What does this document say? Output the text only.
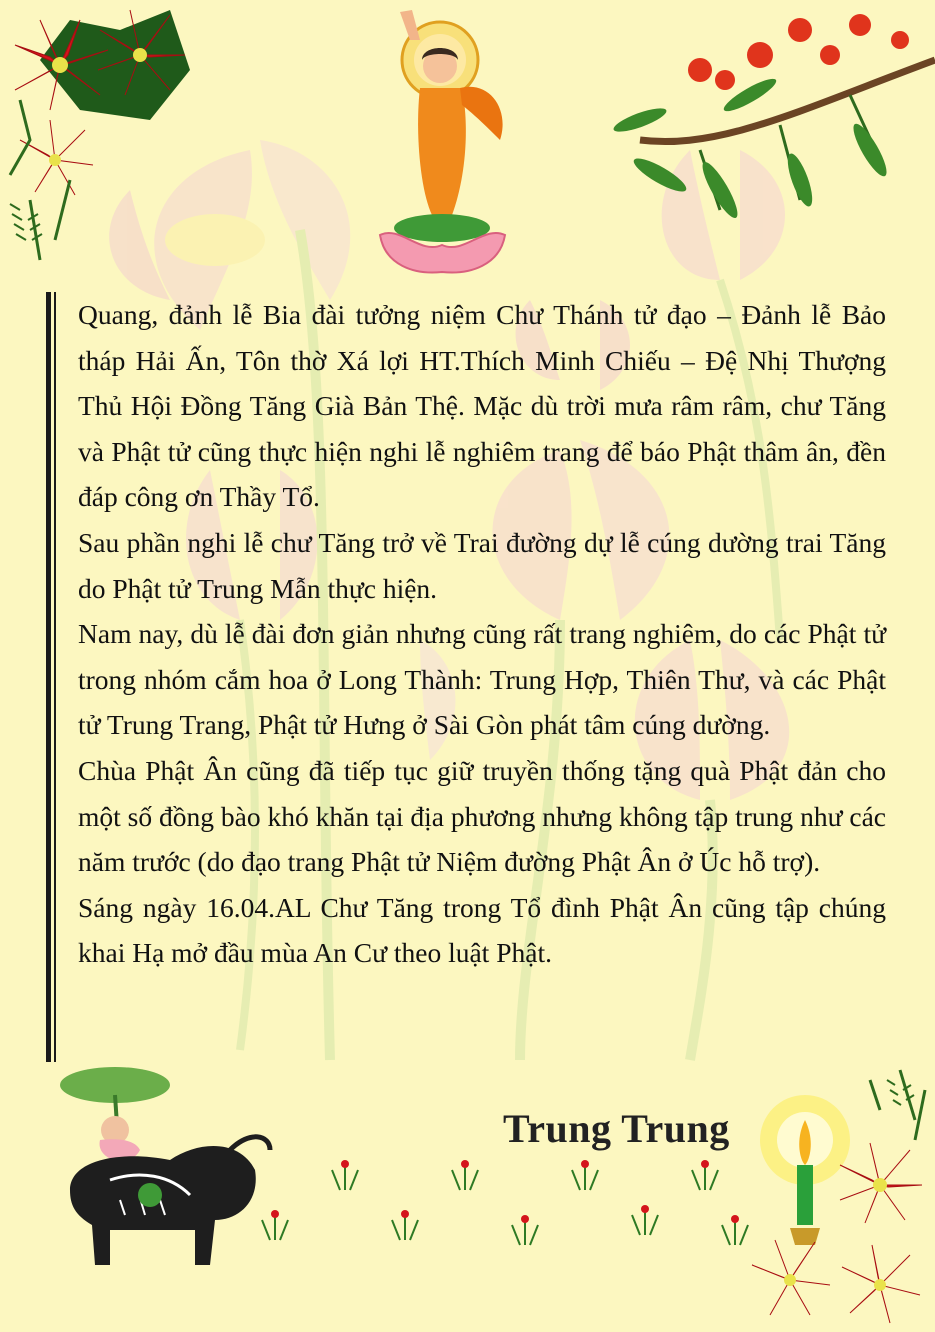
Quang, đảnh lễ Bia đài tưởng niệm Chư Thánh tử đạo – Đảnh lễ Bảo tháp Hải Ấn, Tôn thờ Xá lợi HT.Thích Minh Chiếu – Đệ Nhị Thượng Thủ Hội Đồng Tăng Già Bản Thệ. Mặc dù trời mưa râm râm, chư Tăng và Phật tử cũng thực hiện nghi lễ nghiêm trang để báo Phật thâm ân, đền đáp công ơn Thầy Tổ.

Sau phần nghi lễ chư Tăng trở về Trai đường dự lễ cúng dường trai Tăng do Phật tử Trung Mẫn thực hiện.

Nam nay, dù lễ đài đơn giản nhưng cũng rất trang nghiêm, do các Phật tử trong nhóm cắm hoa ở Long Thành: Trung Hợp, Thiên Thư, và các Phật tử Trung Trang, Phật tử Hưng ở Sài Gòn phát tâm cúng dường.

Chùa Phật Ân cũng đã tiếp tục giữ truyền thống tặng quà Phật đản cho một số đồng bào khó khăn tại địa phương nhưng không tập trung như các năm trước (do đạo trang Phật tử Niệm đường Phật Ân ở Úc hỗ trợ).

Sáng ngày 16.04.AL Chư Tăng trong Tổ đình Phật Ân cũng tập chúng khai Hạ mở đầu mùa An Cư theo luật Phật.

Trung Trung
